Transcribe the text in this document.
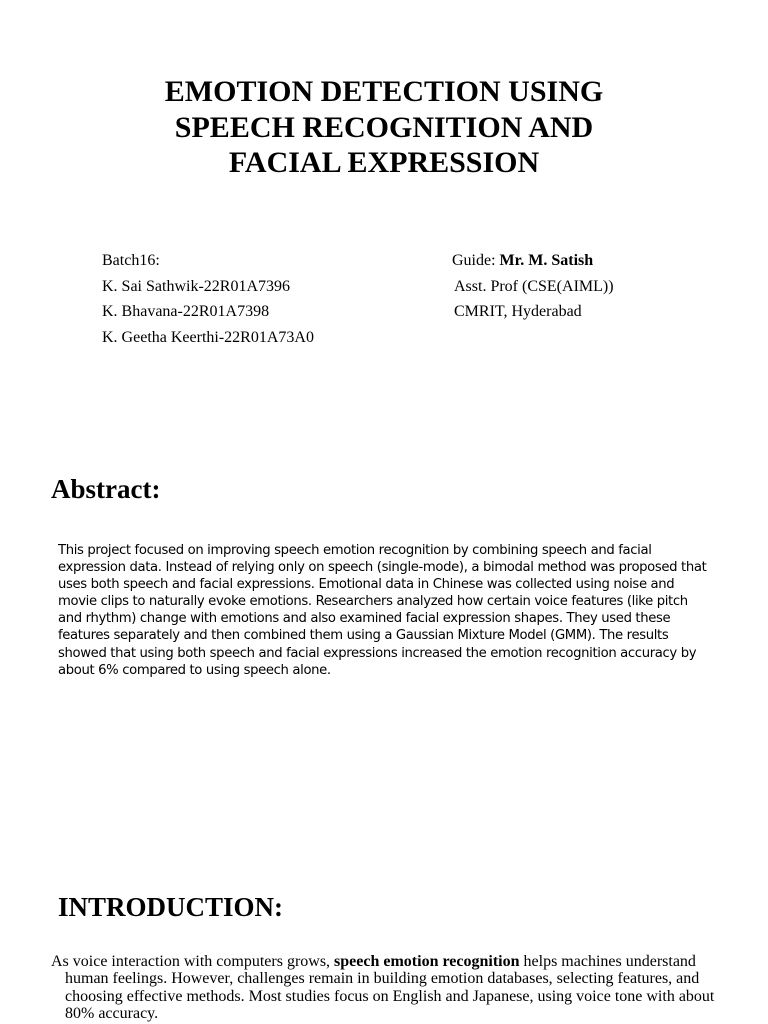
EMOTION DETECTION USING
SPEECH RECOGNITION AND
FACIAL EXPRESSION
Batch16:
K. Sai Sathwik-22R01A7396
K. Bhavana-22R01A7398
K. Geetha Keerthi-22R01A73A0
Guide: Mr. M. Satish
Asst. Prof (CSE(AIML))
CMRIT, Hyderabad
Abstract:

This project focused on improving speech emotion recognition by combining speech and facial expression data. Instead of relying only on speech (single-mode), a bimodal method was proposed that uses both speech and facial expressions. Emotional data in Chinese was collected using noise and movie clips to naturally evoke emotions. Researchers analyzed how certain voice features (like pitch and rhythm) change with emotions and also examined facial expression shapes. They used these features separately and then combined them using a Gaussian Mixture Model (GMM). The results showed that using both speech and facial expressions increased the emotion recognition accuracy by about 6% compared to using speech alone.

INTRODUCTION:

As voice interaction with computers grows, speech emotion recognition helps machines understand human feelings. However, challenges remain in building emotion databases, selecting features, and choosing effective methods. Most studies focus on English and Japanese, using voice tone with about 80% accuracy.
